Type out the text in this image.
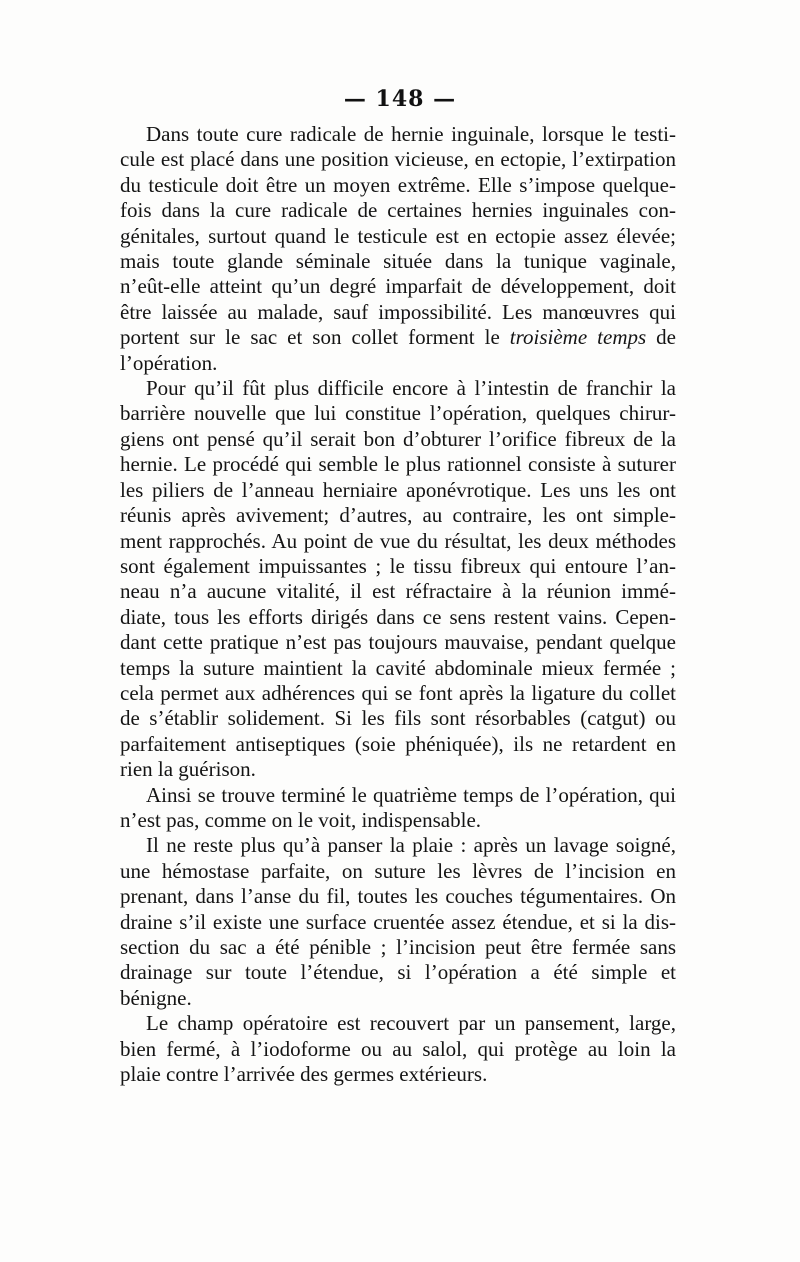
— 148 —
Dans toute cure radicale de hernie inguinale, lorsque le testi-
cule est placé dans une position vicieuse, en ectopie, l’extirpation
du testicule doit être un moyen extrême. Elle s’impose quelque-
fois dans la cure radicale de certaines hernies inguinales con-
génitales, surtout quand le testicule est en ectopie assez élevée;
mais toute glande séminale située dans la tunique vaginale,
n’eût-elle atteint qu’un degré imparfait de développement, doit
être laissée au malade, sauf impossibilité. Les manœuvres qui
portent sur le sac et son collet forment le troisième temps de
l’opération.
Pour qu’il fût plus difficile encore à l’intestin de franchir la
barrière nouvelle que lui constitue l’opération, quelques chirur-
giens ont pensé qu’il serait bon d’obturer l’orifice fibreux de la
hernie. Le procédé qui semble le plus rationnel consiste à suturer
les piliers de l’anneau herniaire aponévrotique. Les uns les ont
réunis après avivement; d’autres, au contraire, les ont simple-
ment rapprochés. Au point de vue du résultat, les deux méthodes
sont également impuissantes ; le tissu fibreux qui entoure l’an-
neau n’a aucune vitalité, il est réfractaire à la réunion immé-
diate, tous les efforts dirigés dans ce sens restent vains. Cepen-
dant cette pratique n’est pas toujours mauvaise, pendant quelque
temps la suture maintient la cavité abdominale mieux fermée ;
cela permet aux adhérences qui se font après la ligature du collet
de s’établir solidement. Si les fils sont résorbables (catgut) ou
parfaitement antiseptiques (soie phéniquée), ils ne retardent en
rien la guérison.
Ainsi se trouve terminé le quatrième temps de l’opération, qui
n’est pas, comme on le voit, indispensable.
Il ne reste plus qu’à panser la plaie : après un lavage soigné,
une hémostase parfaite, on suture les lèvres de l’incision en
prenant, dans l’anse du fil, toutes les couches tégumentaires. On
draine s’il existe une surface cruentée assez étendue, et si la dis-
section du sac a été pénible ; l’incision peut être fermée sans
drainage sur toute l’étendue, si l’opération a été simple et
bénigne.
Le champ opératoire est recouvert par un pansement, large,
bien fermé, à l’iodoforme ou au salol, qui protège au loin la
plaie contre l’arrivée des germes extérieurs.
